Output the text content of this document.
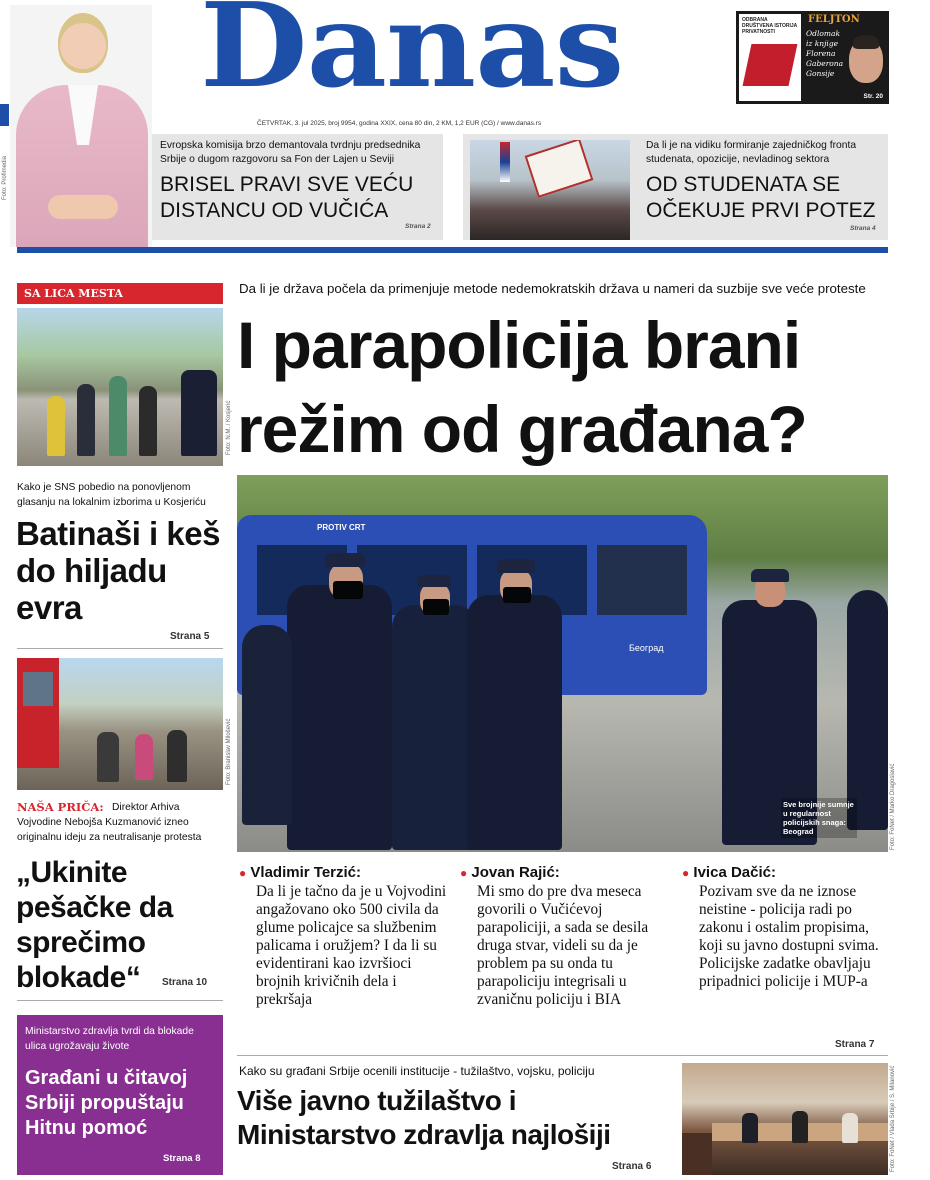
Foto: Profimedia
Danas	ODBRANA DRUŠTVENA ISTORIJA PRIVATNOSTI
FELJTON
Odlomak iz knjige Florena Gaberona Gonsije
Str. 20
ČETVRTAK, 3. jul 2025, broj 9954, godina XXIX, cena 80 din, 2 KM, 1,2 EUR (CG) / www.danas.rs
Evropska komisija brzo demantovala tvrdnju predsednika Srbije o dugom razgovoru sa Fon der Lajen u Seviji
BRISEL PRAVI SVE VEĆU DISTANCU OD VUČIĆA
Strana 2
Da li je na vidiku formiranje zajedničkog fronta studenata, opozicije, nevladinog sektora
OD STUDENATA SE OČEKUJE PRVI POTEZ
Strana 4
SA LICA MESTA
Foto: N.M. / Kosjerić
Kako je SNS pobedio na ponovljenom glasanju na lokalnim izborima u Kosjeriću
Batinaši i keš do hiljadu evra
Strana 5
Foto: Branislav Milošević
NAŠA PRIČA: Direktor Arhiva Vojvodine Nebojša Kuzmanović izneo originalnu ideju za neutralisanje protesta
„Ukinite pešačke da sprečimo blokade“	Strana 10
Ministarstvo zdravlja tvrdi da blokade ulica ugrožavaju živote
Građani u čitavoj Srbiji propuštaju Hitnu pomoć
Strana 8
Da li je država počela da primenjuje metode nedemokratskih država u nameri da suzbije sve veće proteste
I parapolicija brani režim od građana?
PROTIV CRT
Београд
Sve brojnije sumnje u regularnost policijskih snaga: Beograd	Foto: FoNet / Marko Dragoslavić
● Vladimir Terzić:
Da li je tačno da je u Vojvodini angažovano oko 500 civila da glume policajce sa službenim palicama i oružjem? I da li su evidentirani kao izvršioci brojnih krivičnih dela i prekršaja
● Jovan Rajić:
Mi smo do pre dva meseca govorili o Vučićevoj parapoliciji, a sada se desila druga stvar, videli su da je problem pa su onda tu parapoliciju integrisali u zvaničnu policiju i BIA
● Ivica Dačić:
Pozivam sve da ne iznose neistine - policija radi po zakonu i ostalim propisima, koji su javno dostupni svima. Policijske zadatke obavljaju pripadnici policije i MUP-a
Strana 7
Kako su građani Srbije ocenili institucije - tužilaštvo, vojsku, policiju
Više javno tužilaštvo i Ministarstvo zdravlja najlošiji
Strana 6	Foto: FoNet / Vlada Srbije / S. Milanović
